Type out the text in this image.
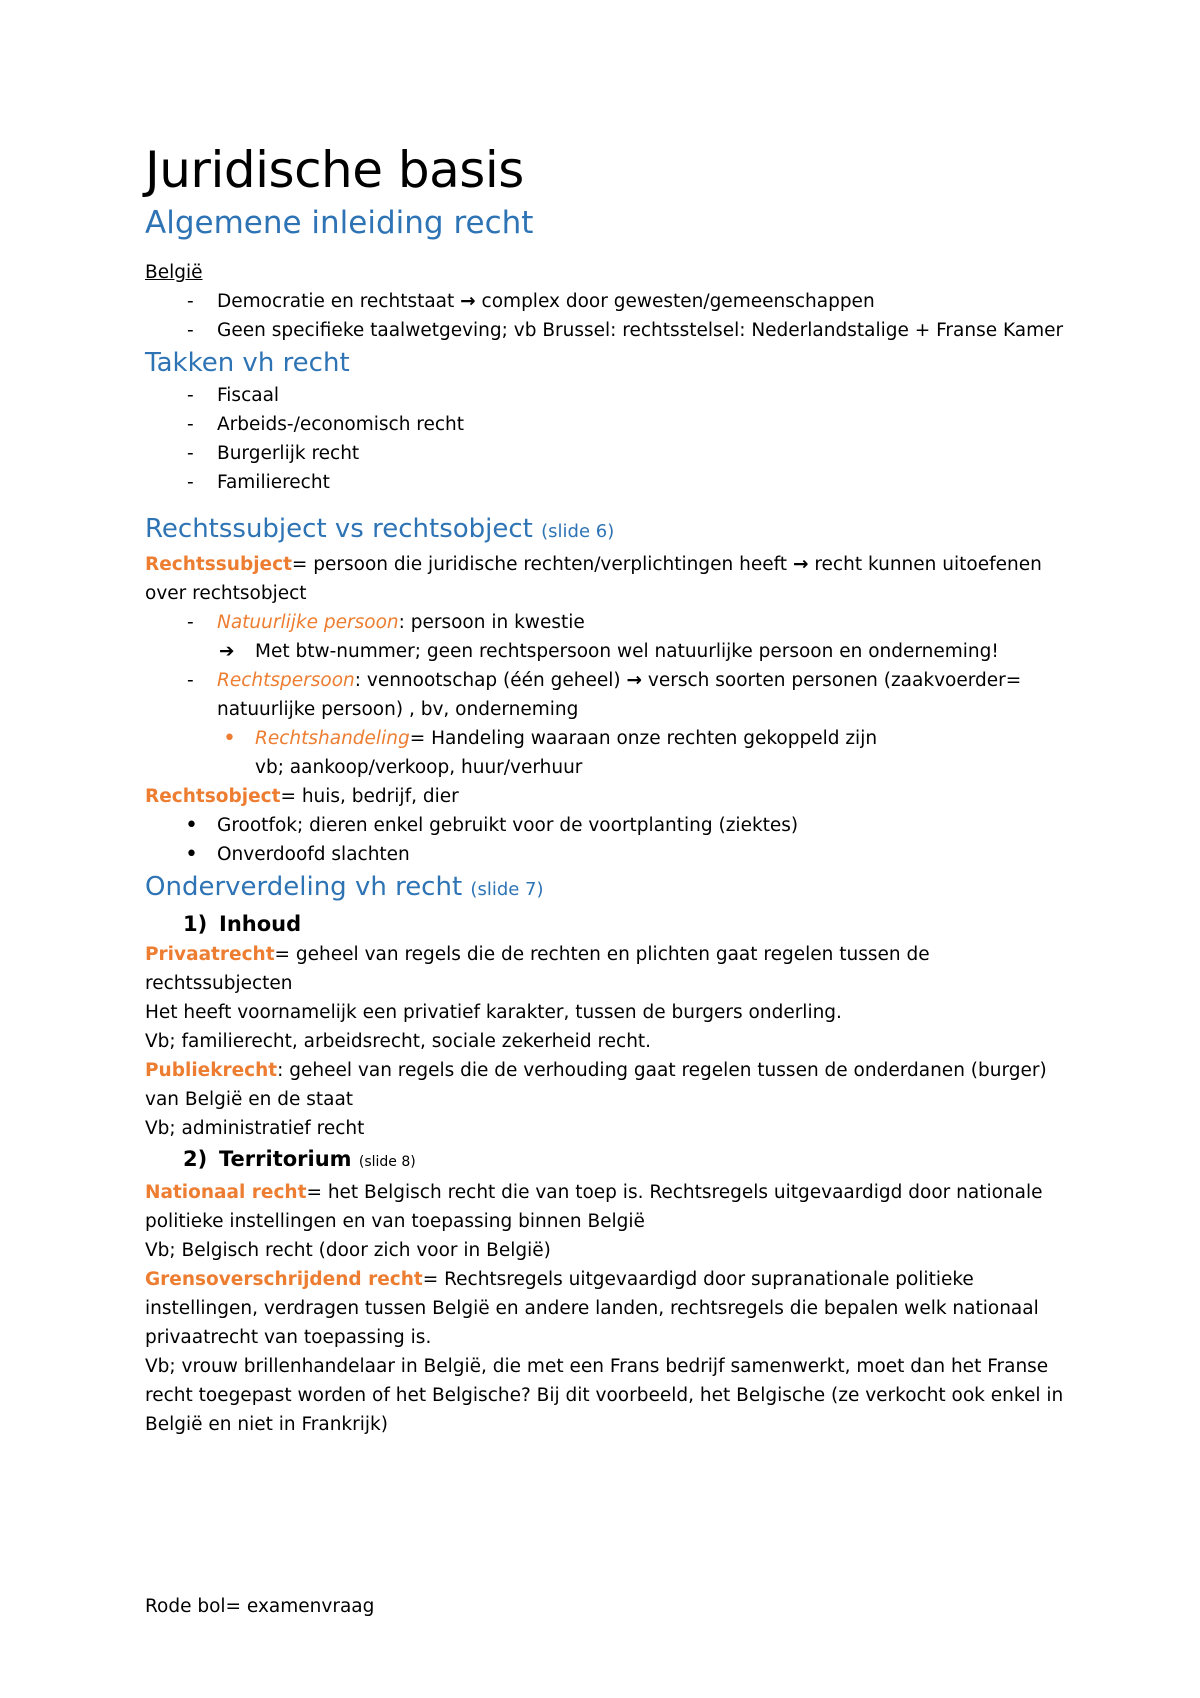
Juridische basis
Algemene inleiding recht

België

- Democratie en rechtstaat → complex door gewesten/gemeenschappen
- Geen specifieke taalwetgeving; vb Brussel: rechtsstelsel: Nederlandstalige + Franse Kamer
Takken vh recht
- Fiscaal
- Arbeids-/economisch recht
- Burgerlijk recht
- Familierecht
Rechtssubject vs rechtsobject (slide 6)

Rechtssubject= persoon die juridische rechten/verplichtingen heeft → recht kunnen uitoefenen over rechtsobject

- Natuurlijke persoon: persoon in kwestie
➔ Met btw-nummer; geen rechtspersoon wel natuurlijke persoon en onderneming!
- Rechtspersoon: vennootschap (één geheel) → versch soorten personen (zaakvoerder= natuurlijke persoon) , bv, onderneming
• Rechtshandeling= Handeling waaraan onze rechten gekoppeld zijn

vb; aankoop/verkoop, huur/verhuur

Rechtsobject= huis, bedrijf, dier

• Grootfok; dieren enkel gebruikt voor de voortplanting (ziektes)
• Onverdoofd slachten
Onderverdeling vh recht (slide 7)
1) Inhoud

Privaatrecht= geheel van regels die de rechten en plichten gaat regelen tussen de rechtssubjecten

Het heeft voornamelijk een privatief karakter, tussen de burgers onderling.

Vb; familierecht, arbeidsrecht, sociale zekerheid recht.

Publiekrecht: geheel van regels die de verhouding gaat regelen tussen de onderdanen (burger) van België en de staat

Vb; administratief recht

2) Territorium (slide 8)

Nationaal recht= het Belgisch recht die van toep is. Rechtsregels uitgevaardigd door nationale politieke instellingen en van toepassing binnen België

Vb; Belgisch recht (door zich voor in België)

Grensoverschrijdend recht= Rechtsregels uitgevaardigd door supranationale politieke instellingen, verdragen tussen België en andere landen, rechtsregels die bepalen welk nationaal privaatrecht van toepassing is.

Vb; vrouw brillenhandelaar in België, die met een Frans bedrijf samenwerkt, moet dan het Franse recht toegepast worden of het Belgische? Bij dit voorbeeld, het Belgische (ze verkocht ook enkel in België en niet in Frankrijk)

Rode bol= examenvraag
